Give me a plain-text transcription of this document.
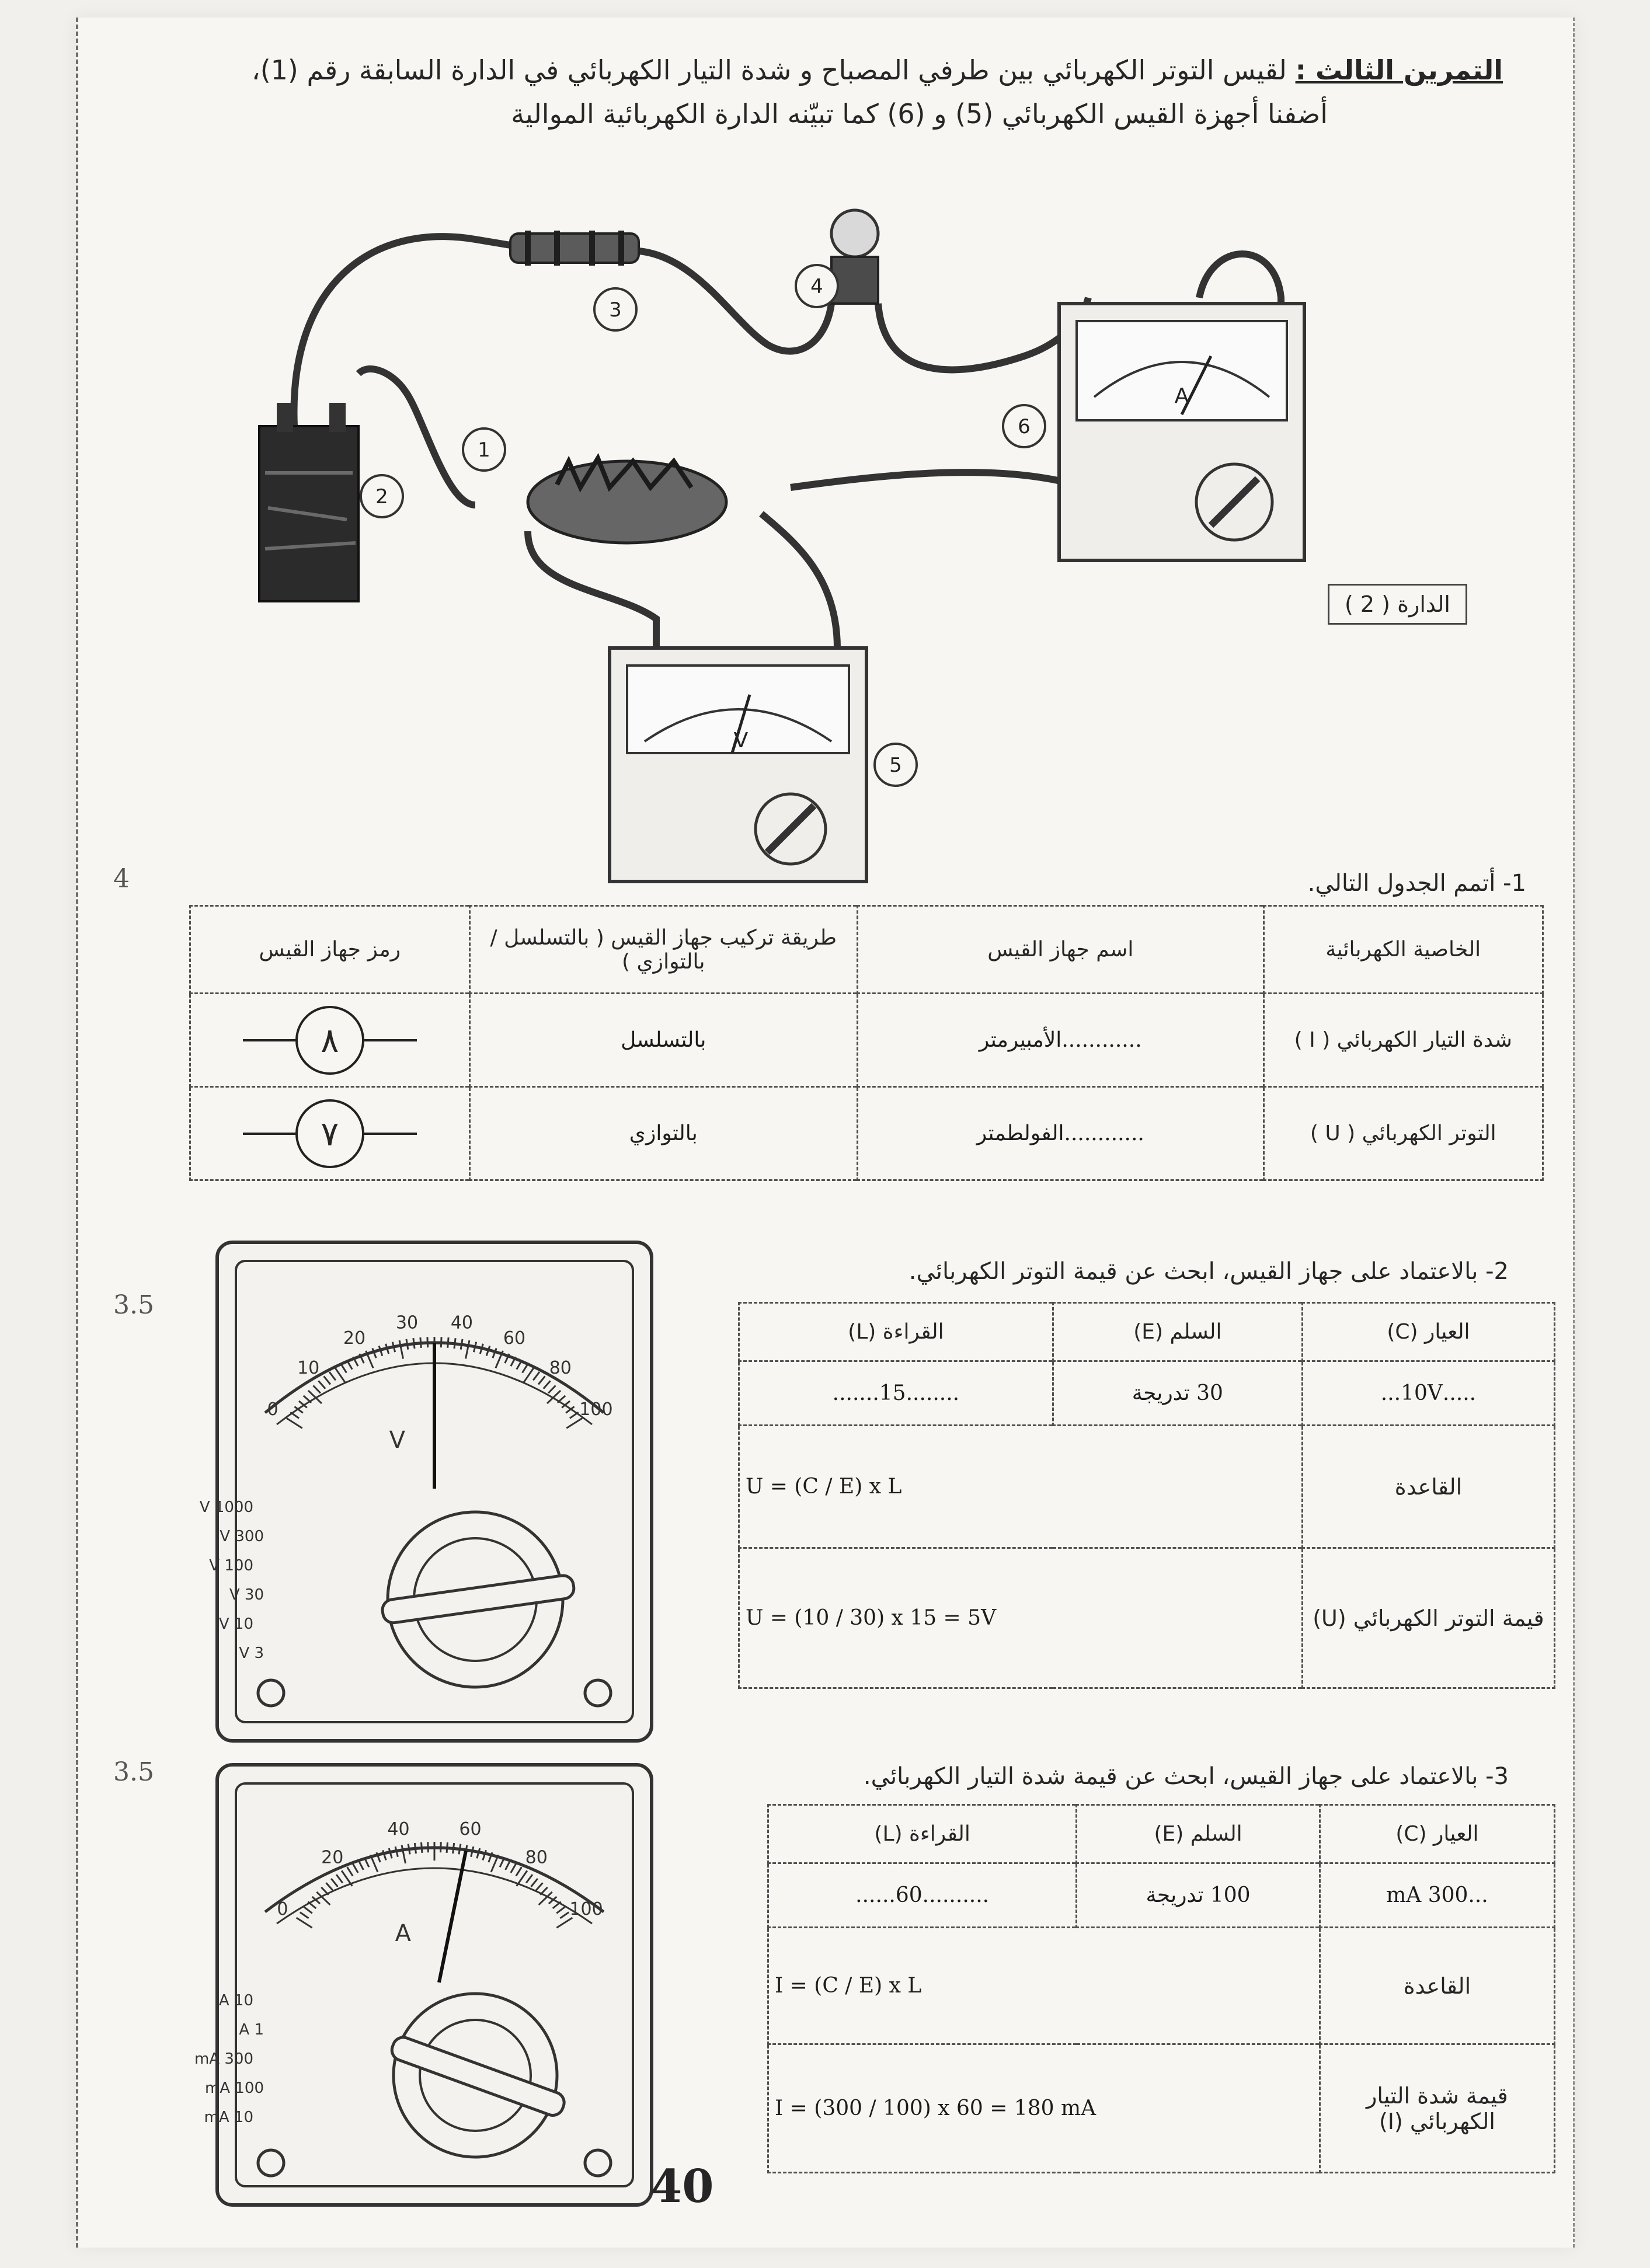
التمرين الثالث : لقيس التوتر الكهربائي بين طرفي المصباح و شدة التيار الكهربائي في الدارة السابقة رقم (1)،
أضفنا أجهزة القيس الكهربائي (5) و (6) كما تبيّنه الدارة الكهربائية الموالية
2
1
3
4
6
5
A
V
الدارة ( 2 )
4	1- أتمم الجدول التالي.
الخاصية الكهربائية	اسم جهاز القيس	طريقة تركيب جهاز القيس ( بالتسلسل / بالتوازي )	رمز جهاز القيس
شدة التيار الكهربائي ( I )	............الأمبيرمتر	بالتسلسل	٨

التوتر الكهربائي ( U )	............الفولطمتر	بالتوازي	٧
3.5
0
10
20
30 40
60
80
100
V
1000 V
300 V
100 V
30 V
10 V
3 V
2- بالاعتماد على جهاز القيس، ابحث عن قيمة التوتر الكهربائي.
العيار (C)	السلم (E)	القراءة (L)
.....10V...	30 تدريجة	........15.......
القاعدة	U = (C / E) x L	
قيمة التوتر الكهربائي (U)	U = (10 / 30) x 15 = 5V	
3.5
0
20
40	60
80
100
A
10 A
1 A
300 mA
100 mA
10 mA
3- بالاعتماد على جهاز القيس، ابحث عن قيمة شدة التيار الكهربائي.
العيار (C)	السلم (E)	القراءة (L)
...300 mA	100 تدريجة	..........60......
القاعدة	I = (C / E) x L	
قيمة شدة التيار الكهربائي (I)	I = (300 / 100) x 60 = 180 mA	
40
